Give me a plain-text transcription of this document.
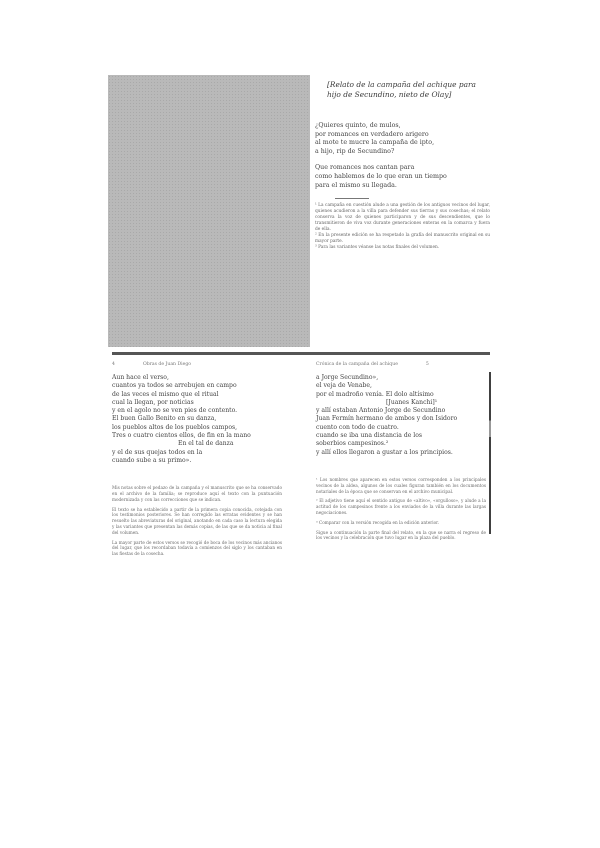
[Relato de la campaña del achique para
hijo de Secundino, nieto de Olay]
¿Quieres quinto, de mulos,
por romances en verdadero arigero
al mote te mucre la campaña de ipto,
a hijo, rip de Secundino?
Que romances nos cantan para
como hablemos de lo que eran un tiempo
para el mismo su llegada.
¹ La campaña en cuestión alude a una gestión de los antiguos vecinos del lugar, quienes acudieron a la villa para defender sus tierras y sus cosechas; el relato conserva la voz de quienes participaron y de sus descendientes, que lo transmitieron de viva voz durante generaciones enteras en la comarca y fuera de ella.
² En la presente edición se ha respetado la grafía del manuscrito original en su mayor parte.
³ Para las variantes véanse las notas finales del volumen.
4	Obras de Juan Diego
Aun hace el verso,
cuantos ya todos se arrebujen en campo
de las veces el mismo que el ritual
cual la llegan, por noticias
y en el agolo no se ven pies de contento.
El buen Gallo Benito en su danza,
los pueblos altos de los pueblos campos,
Tres o cuatro cientos ellos, de fin en la mano
En el tal de danza
y el de sus quejas todos en la
cuando sube a su primo».

Mis notas sobre el pedazo de la campaña y el manuscrito que se ha conservado en el archivo de la familia; se reproduce aquí el texto con la puntuación modernizada y con las correcciones que se indican.

El texto se ha establecido a partir de la primera copia conocida, cotejada con los testimonios posteriores. Se han corregido las erratas evidentes y se han resuelto las abreviaturas del original, anotando en cada caso la lectura elegida y las variantes que presentan las demás copias, de las que se da noticia al final del volumen.

La mayor parte de estos versos se recogió de boca de los vecinos más ancianos del lugar, que los recordaban todavía a comienzos del siglo y los cantaban en las fiestas de la cosecha.

Crónica de la campaña del achique	5
a Jorge Secundino»,
el veja de Venabe,
por el madroño venía. El dolo altísimo
[Juanes Kanchi]¹
y allí estaban Antonio Jorge de Secundino
Juan Fermín hermano de ambos y don Isidoro
cuento con todo de cuatro.
cuando se iba una distancia de los
soberbios campesinos.²
y allí ellos llegaron a gustar a los principios.

¹ Los nombres que aparecen en estos versos corresponden a los principales vecinos de la aldea, algunos de los cuales figuran también en los documentos notariales de la época que se conservan en el archivo municipal.

² El adjetivo tiene aquí el sentido antiguo de «altivo», «orgulloso», y alude a la actitud de los campesinos frente a los enviados de la villa durante las largas negociaciones.

³ Comparar con la versión recogida en la edición anterior.

Sigue a continuación la parte final del relato, en la que se narra el regreso de los vecinos y la celebración que tuvo lugar en la plaza del pueblo.
